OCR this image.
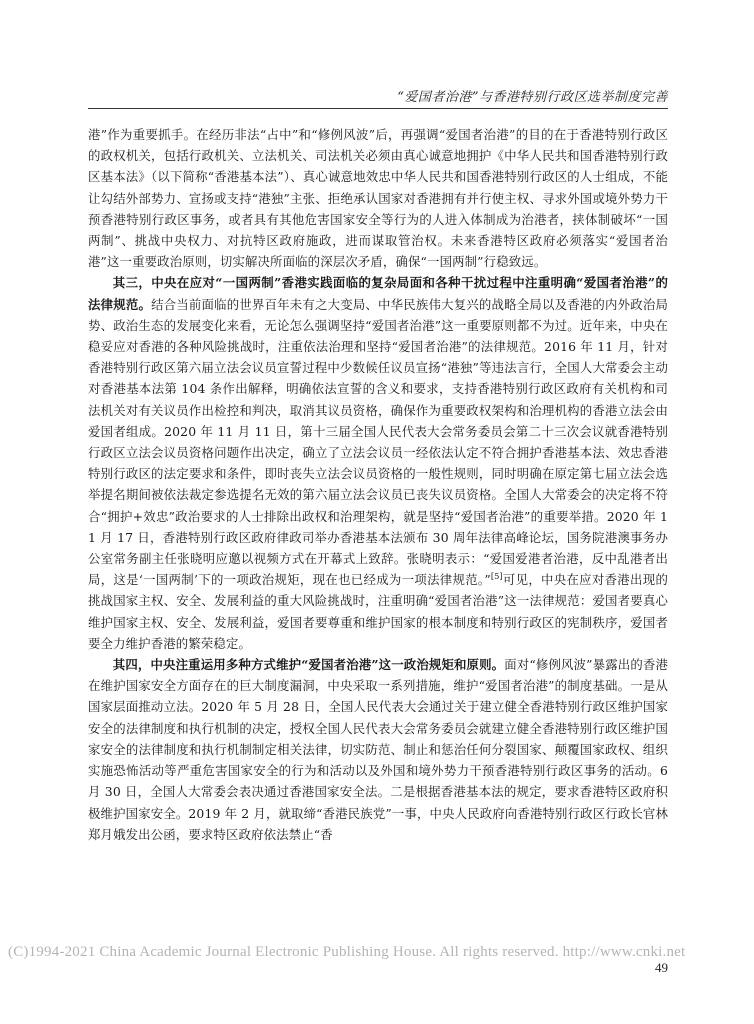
“爱国者治港”与香港特别行政区选举制度完善

港”作为重要抓手。在经历非法“占中”和“修例风波”后，再强调“爱国者治港”的目的在于香港特别行政区的政权机关，包括行政机关、立法机关、司法机关必须由真心诚意地拥护《中华人民共和国香港特别行政区基本法》（以下简称“香港基本法”）、真心诚意地效忠中华人民共和国香港特别行政区的人士组成，不能让勾结外部势力、宣扬或支持“港独”主张、拒绝承认国家对香港拥有并行使主权、寻求外国或境外势力干预香港特别行政区事务，或者具有其他危害国家安全等行为的人进入体制成为治港者，挟体制破坏“一国两制”、挑战中央权力、对抗特区政府施政，进而谋取管治权。未来香港特区政府必须落实“爱国者治港”这一重要政治原则，切实解决所面临的深层次矛盾，确保“一国两制”行稳致远。

其三，中央在应对“一国两制”香港实践面临的复杂局面和各种干扰过程中注重明确“爱国者治港”的法律规范。结合当前面临的世界百年未有之大变局、中华民族伟大复兴的战略全局以及香港的内外政治局势、政治生态的发展变化来看，无论怎么强调坚持“爱国者治港”这一重要原则都不为过。近年来，中央在稳妥应对香港的各种风险挑战时，注重依法治理和坚持“爱国者治港”的法律规范。2016 年 11 月，针对香港特别行政区第六届立法会议员宣誓过程中少数候任议员宣扬“港独”等违法言行，全国人大常委会主动对香港基本法第 104 条作出解释，明确依法宣誓的含义和要求，支持香港特别行政区政府有关机构和司法机关对有关议员作出检控和判决，取消其议员资格，确保作为重要政权架构和治理机构的香港立法会由爱国者组成。2020 年 11 月 11 日，第十三届全国人民代表大会常务委员会第二十三次会议就香港特别行政区立法会议员资格问题作出决定，确立了立法会议员一经依法认定不符合拥护香港基本法、效忠香港特别行政区的法定要求和条件，即时丧失立法会议员资格的一般性规则，同时明确在原定第七届立法会选举提名期间被依法裁定参选提名无效的第六届立法会议员已丧失议员资格。全国人大常委会的决定将不符合“拥护+效忠”政治要求的人士排除出政权和治理架构，就是坚持“爱国者治港”的重要举措。2020 年 11 月 17 日，香港特别行政区政府律政司举办香港基本法颁布 30 周年法律高峰论坛，国务院港澳事务办公室常务副主任张晓明应邀以视频方式在开幕式上致辞。张晓明表示：“爱国爱港者治港，反中乱港者出局，这是‘一国两制’下的一项政治规矩，现在也已经成为一项法律规范。”[5]可见，中央在应对香港出现的挑战国家主权、安全、发展利益的重大风险挑战时，注重明确“爱国者治港”这一法律规范：爱国者要真心维护国家主权、安全、发展利益，爱国者要尊重和维护国家的根本制度和特别行政区的宪制秩序，爱国者要全力维护香港的繁荣稳定。

其四，中央注重运用多种方式维护“爱国者治港”这一政治规矩和原则。面对“修例风波”暴露出的香港在维护国家安全方面存在的巨大制度漏洞，中央采取一系列措施，维护“爱国者治港”的制度基础。一是从国家层面推动立法。2020 年 5 月 28 日，全国人民代表大会通过关于建立健全香港特别行政区维护国家安全的法律制度和执行机制的决定，授权全国人民代表大会常务委员会就建立健全香港特别行政区维护国家安全的法律制度和执行机制制定相关法律，切实防范、制止和惩治任何分裂国家、颠覆国家政权、组织实施恐怖活动等严重危害国家安全的行为和活动以及外国和境外势力干预香港特别行政区事务的活动。6 月 30 日，全国人大常委会表决通过香港国家安全法。二是根据香港基本法的规定，要求香港特区政府积极维护国家安全。2019 年 2 月，就取缔“香港民族党”一事，中央人民政府向香港特别行政区行政长官林郑月娥发出公函，要求特区政府依法禁止“香

(C)1994-2021 China Academic Journal Electronic Publishing House. All rights reserved. http://www.cnki.net
49
